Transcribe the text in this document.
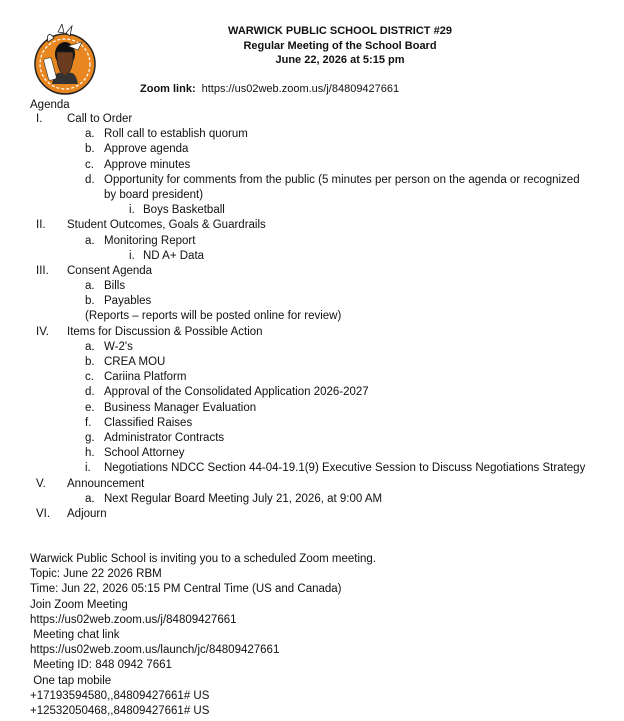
WARWICK PUBLIC SCHOOL DISTRICT #29
Regular Meeting of the School Board
June 22, 2026 at 5:15 pm
Zoom link: https://us02web.zoom.us/j/84809427661
Agenda
I.	Call to Order
a. Roll call to establish quorum
b. Approve agenda
c. Approve minutes
d. Opportunity for comments from the public (5 minutes per person on the agenda or recognized by board president)
i. Boys Basketball
II.	Student Outcomes, Goals & Guardrails
a. Monitoring Report
i. ND A+ Data
III.	Consent Agenda
a. Bills
b. Payables
(Reports – reports will be posted online for review)
IV.	Items for Discussion & Possible Action
a. W-2's
b. CREA MOU
c. Cariina Platform
d. Approval of the Consolidated Application 2026-2027
e. Business Manager Evaluation
f.	Classified Raises
g. Administrator Contracts
h. School Attorney
i.	Negotiations NDCC Section 44-04-19.1(9) Executive Session to Discuss Negotiations Strategy
V.	Announcement
a. Next Regular Board Meeting July 21, 2026, at 9:00 AM
VI.	Adjourn
Warwick Public School is inviting you to a scheduled Zoom meeting.
Topic: June 22 2026 RBM
Time: Jun 22, 2026 05:15 PM Central Time (US and Canada)
Join Zoom Meeting
https://us02web.zoom.us/j/84809427661
Meeting chat link
https://us02web.zoom.us/launch/jc/84809427661
Meeting ID: 848 0942 7661
One tap mobile
+17193594580,,84809427661# US
+12532050468,,84809427661# US
